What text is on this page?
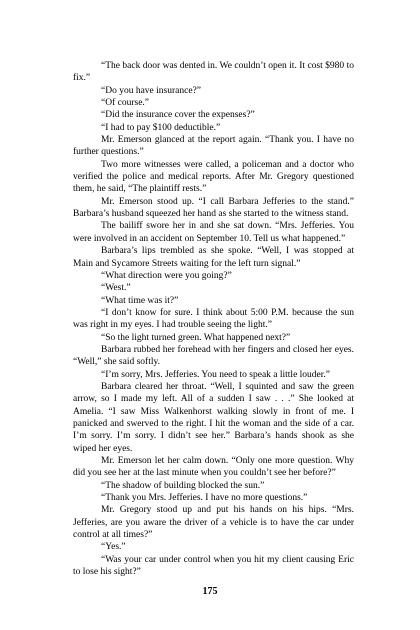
“The back door was dented in. We couldn’t open it. It cost $980 to fix.”

“Do you have insurance?”

“Of course.”

“Did the insurance cover the expenses?”

“I had to pay $100 deductible.”

Mr. Emerson glanced at the report again. “Thank you. I have no further questions.”

Two more witnesses were called, a policeman and a doctor who verified the police and medical reports. After Mr. Gregory questioned them, he said, “The plaintiff rests.”

Mr. Emerson stood up. “I call Barbara Jefferies to the stand.” Barbara’s husband squeezed her hand as she started to the witness stand.

The bailiff swore her in and she sat down. “Mrs. Jefferies. You were involved in an accident on September 10. Tell us what happened.”

Barbara’s lips trembled as she spoke. “Well, I was stopped at Main and Sycamore Streets waiting for the left turn signal.”

“What direction were you going?”

“West.”

“What time was it?”

“I don’t know for sure. I think about 5:00 P.M. because the sun was right in my eyes. I had trouble seeing the light.”

“So the light turned green. What happened next?”

Barbara rubbed her forehead with her fingers and closed her eyes. “Well,” she said softly.

“I’m sorry, Mrs. Jefferies. You need to speak a little louder.”

Barbara cleared her throat. “Well, I squinted and saw the green arrow, so I made my left. All of a sudden I saw . . .” She looked at Amelia. “I saw Miss Walkenhorst walking slowly in front of me. I panicked and swerved to the right. I hit the woman and the side of a car. I’m sorry. I’m sorry. I didn’t see her.” Barbara’s hands shook as she wiped her eyes.

Mr. Emerson let her calm down. “Only one more question. Why did you see her at the last minute when you couldn’t see her before?”

“The shadow of building blocked the sun.”

“Thank you Mrs. Jefferies. I have no more questions.”

Mr. Gregory stood up and put his hands on his hips. “Mrs. Jefferies, are you aware the driver of a vehicle is to have the car under control at all times?”

“Yes.”

“Was your car under control when you hit my client causing Eric to lose his sight?”

175
